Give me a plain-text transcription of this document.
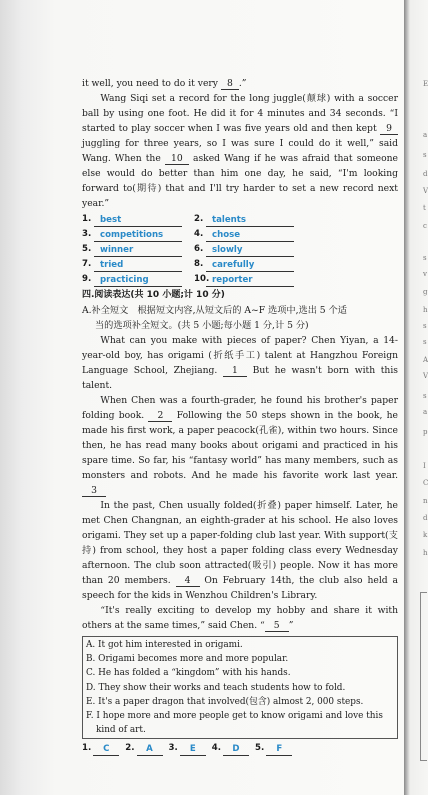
it well, you need to do it very 8 .”

Wang Siqi set a record for the long juggle(颠球) with a soccer ball by using one foot. He did it for 4 minutes and 34 seconds. “I started to play soccer when I was five years old and then kept 9 juggling for three years, so I was sure I could do it well,” said Wang. When the 10 asked Wang if he was afraid that someone else would do better than him one day, he said, “I'm looking forward to(期待) that and I'll try harder to set a new record next year.”

1.	best	2.	talents
3.	competitions	4.	chose
5.	winner	6.	slowly
7.	tried	8.	carefully
9.	practicing	10. reporter
四.阅读表达(共 10 小题;计 10 分)

A.补全短文　根据短文内容,从短文后的 A~F 选项中,选出 5 个适

当的选项补全短文。(共 5 小题;每小题 1 分,计 5 分)

What can you make with pieces of paper? Chen Yiyan, a 14-year-old boy, has origami (折纸手工) talent at Hangzhou Foreign Language School, Zhejiang. 1 But he wasn't born with this talent.

When Chen was a fourth-grader, he found his brother's paper folding book. 2 Following the 50 steps shown in the book, he made his first work, a paper peacock(孔雀), within two hours. Since then, he has read many books about origami and practiced in his spare time. So far, his “fantasy world” has many members, such as monsters and robots. And he made his favorite work last year. 3

In the past, Chen usually folded(折叠) paper himself. Later, he met Chen Changnan, an eighth-grader at his school. He also loves origami. They set up a paper-folding club last year. With support(支持) from school, they host a paper folding class every Wednesday afternoon. The club soon attracted(吸引) people. Now it has more than 20 members. 4 On February 14th, the club also held a speech for the kids in Wenzhou Children's Library.

“It's really exciting to develop my hobby and share it with others at the same times,” said Chen. “ 5 ”

A. It got him interested in origami.
B. Origami becomes more and more popular.
C. He has folded a “kingdom” with his hands.
D. They show their works and teach students how to fold.
E. It's a paper dragon that involved(包含) almost 2, 000 steps.
F. I hope more and more people get to know origami and love this
kind of art.
1.	C	2.	A	3.	E	4.	D	5.	F
E
a
s
d
V
t
c
s
v
g
h
s
s
A
V
s
a
p
I
C
n
d
k
h
